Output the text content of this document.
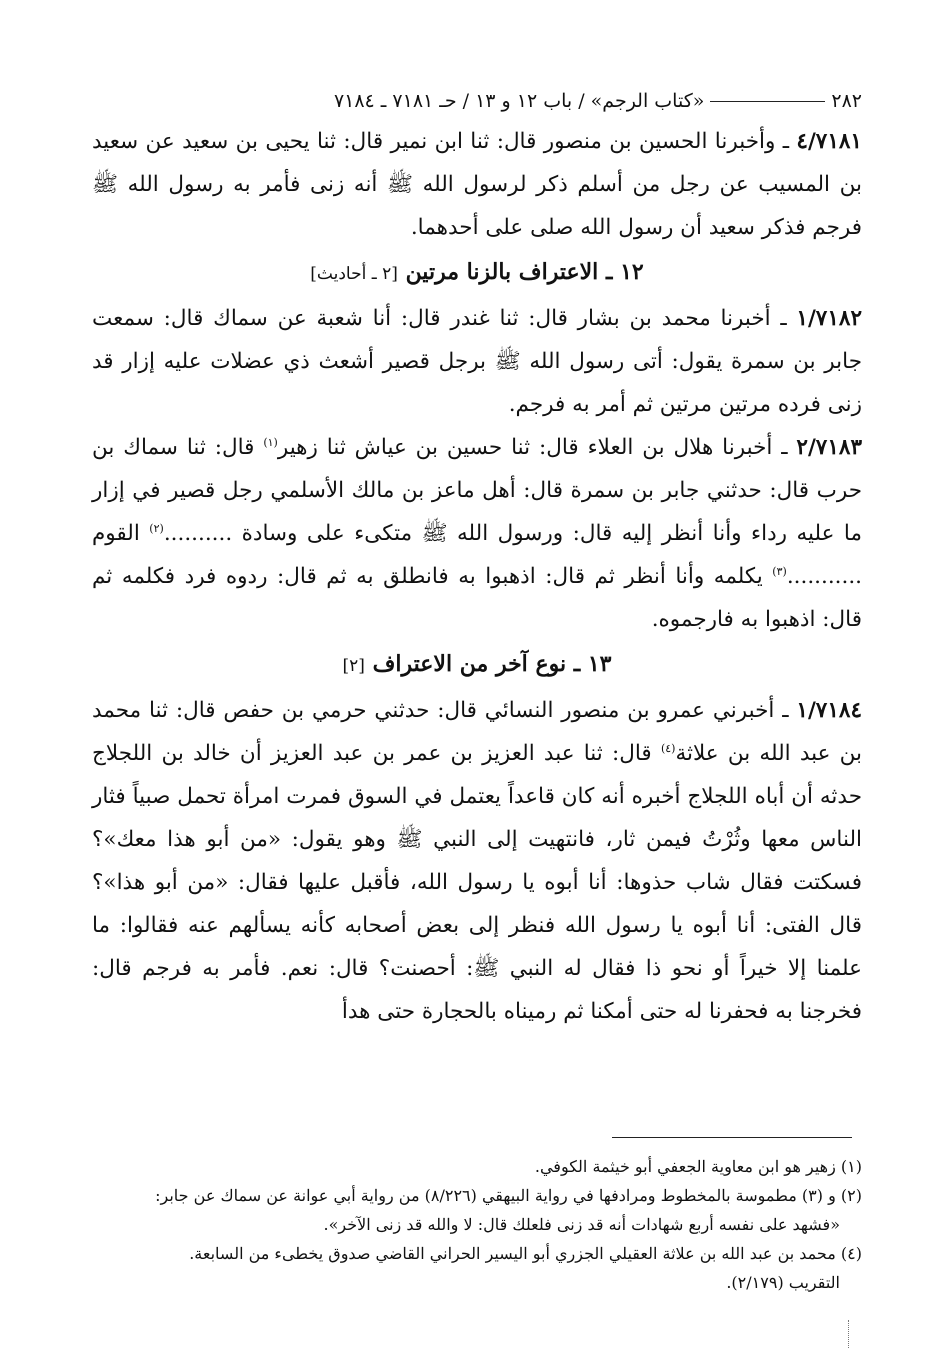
٢٨٢
«كتاب الرجم» / باب ١٢ و ١٣ / حـ ٧١٨١ ـ ٧١٨٤

٤/٧١٨١ ـ وأخبرنا الحسين بن منصور قال: ثنا ابن نمير قال: ثنا يحيى بن سعيد عن سعيد بن المسيب عن رجل من أسلم ذكر لرسول الله ﷺ أنه زنى فأمر به رسول الله ﷺ فرجم فذكر سعيد أن رسول الله صلى على أحدهما.

١٢ ـ الاعتراف بالزنا مرتين [٢ ـ أحاديث]

١/٧١٨٢ ـ أخبرنا محمد بن بشار قال: ثنا غندر قال: أنا شعبة عن سماك قال: سمعت جابر بن سمرة يقول: أتى رسول الله ﷺ برجل قصير أشعث ذي عضلات عليه إزار قد زنى فرده مرتين مرتين ثم أمر به فرجم.

٢/٧١٨٣ ـ أخبرنا هلال بن العلاء قال: ثنا حسين بن عياش ثنا زهير$^{(١)}$ قال: ثنا سماك بن حرب قال: حدثني جابر بن سمرة قال: أهل ماعز بن مالك الأسلمي رجل قصير في إزار ما عليه رداء وأنا أنظر إليه قال: ورسول الله ﷺ متكىء على وسادة ..........$^{(٢)}$ القوم ...........$^{(٣)}$ يكلمه وأنا أنظر ثم قال: اذهبوا به فانطلق به ثم قال: ردوه فرد فكلمه ثم قال: اذهبوا به فارجموه.

١٣ ـ نوع آخر من الاعتراف [٢]

١/٧١٨٤ ـ أخبرني عمرو بن منصور النسائي قال: حدثني حرمي بن حفص قال: ثنا محمد بن عبد الله بن علاثة$^{(٤)}$ قال: ثنا عبد العزيز بن عمر بن عبد العزيز أن خالد بن اللجلاج حدثه أن أباه اللجلاج أخبره أنه كان قاعداً يعتمل في السوق فمرت امرأة تحمل صبياً فثار الناس معها وثُرْتُ فيمن ثار، فانتهيت إلى النبي ﷺ وهو يقول: «من أبو هذا معك»؟ فسكتت فقال شاب حذوها: أنا أبوه يا رسول الله، فأقبل عليها فقال: «من أبو هذا»؟ قال الفتى: أنا أبوه يا رسول الله فنظر إلى بعض أصحابه كأنه يسألهم عنه فقالوا: ما علمنا إلا خيراً أو نحو ذا فقال له النبي ﷺ: أحصنت؟ قال: نعم. فأمر به فرجم قال: فخرجنا به فحفرنا له حتى أمكنا ثم رميناه بالحجارة حتى هدأ

(١) زهير هو ابن معاوية الجعفي أبو خيثمة الكوفي.

(٢) و (٣) مطموسة بالمخطوط ومرادفها في رواية البيهقي (٨/٢٢٦) من رواية أبي عوانة عن سماك عن جابر:

«فشهد على نفسه أربع شهادات أنه قد زنى فلعلك قال: لا والله قد زنى الآخر».

(٤) محمد بن عبد الله بن علاثة العقيلي الجزري أبو اليسير الحراني القاضي صدوق يخطىء من السابعة.

التقريب (٢/١٧٩).
